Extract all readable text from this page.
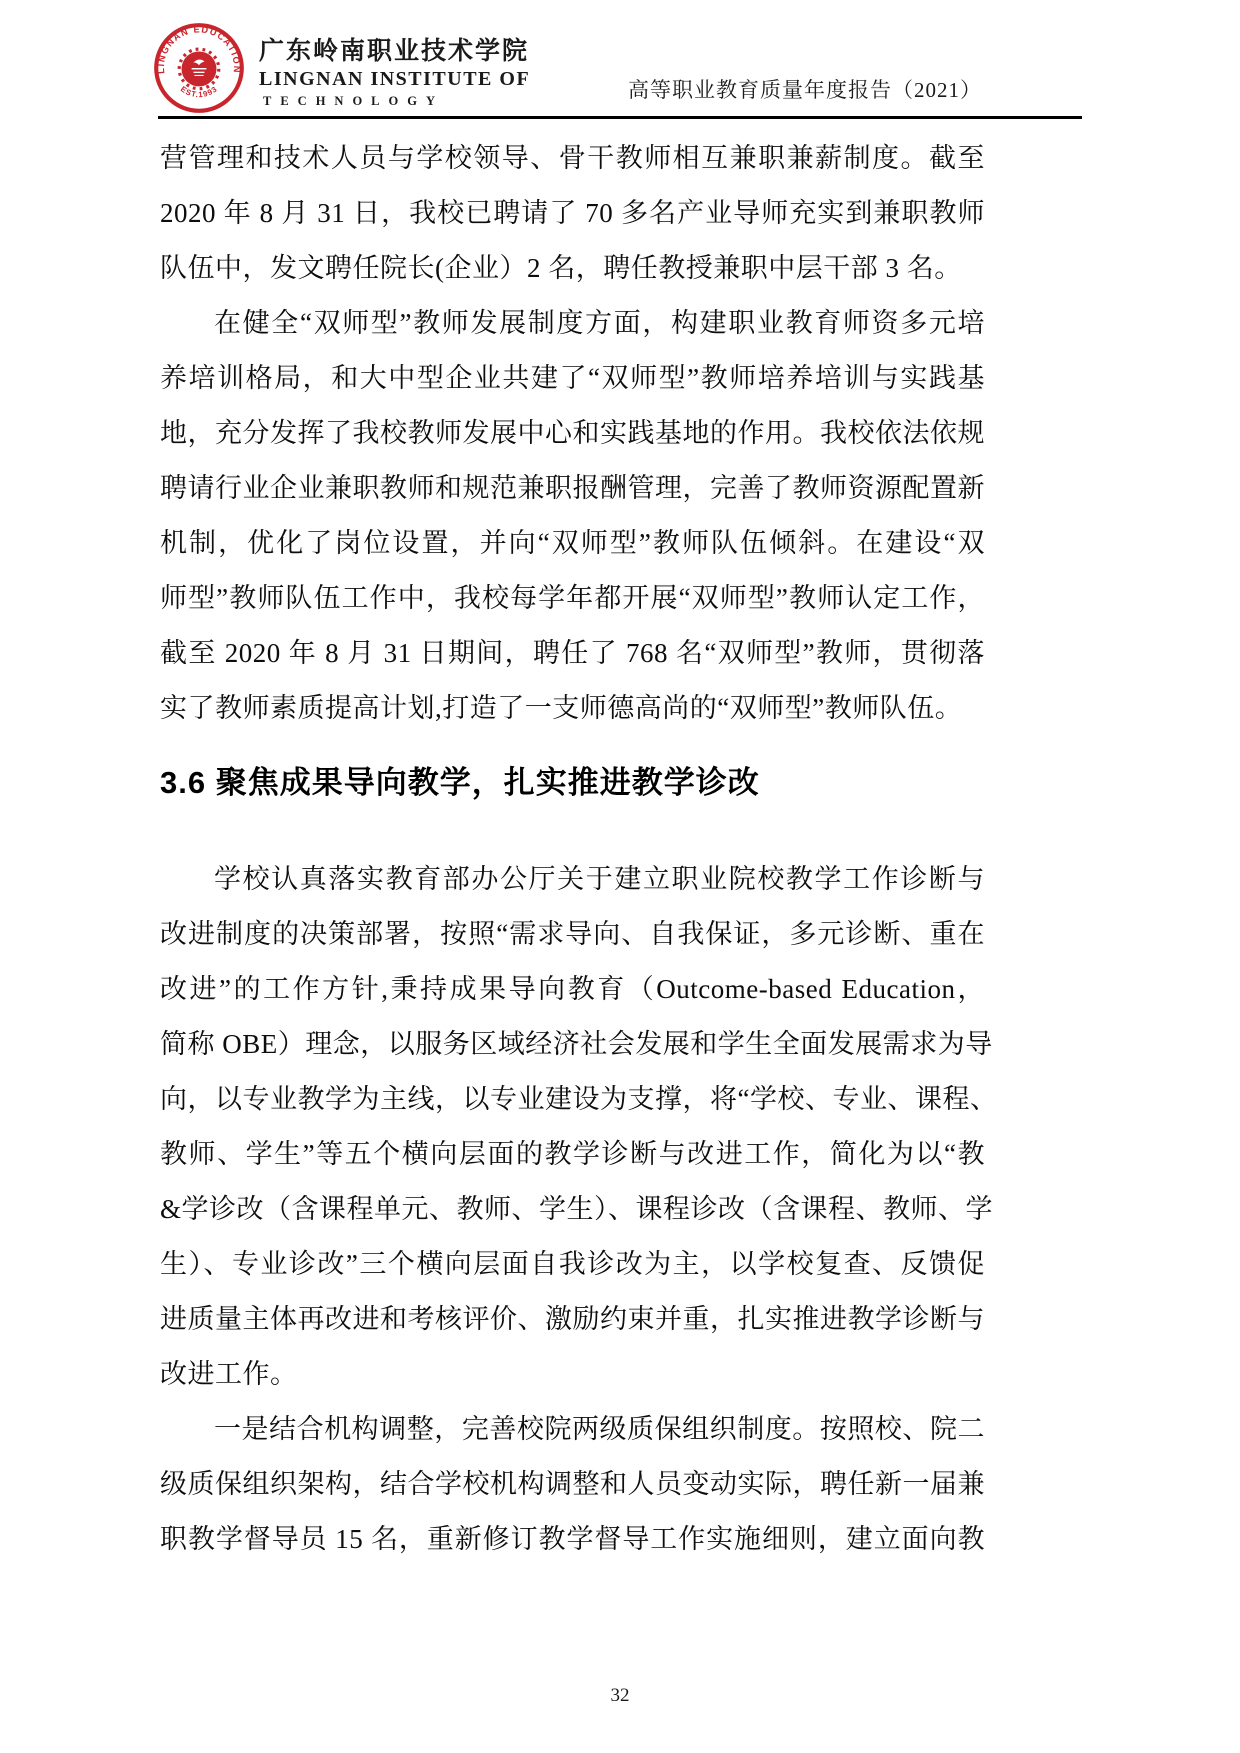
LINGNAN EDUCATION
EST.1993
广东岭南职业技术学院
LINGNAN INSTITUTE OF
TECHNOLOGY	高等职业教育质量年度报告（2021）
营管理和技术人员与学校领导、骨干教师相互兼职兼薪制度。截至
2020 年 8 月 31 日，我校已聘请了 70 多名产业导师充实到兼职教师
队伍中，发文聘任院长(企业）2 名，聘任教授兼职中层干部 3 名。
在健全“双师型”教师发展制度方面，构建职业教育师资多元培
养培训格局，和大中型企业共建了“双师型”教师培养培训与实践基
地，充分发挥了我校教师发展中心和实践基地的作用。我校依法依规
聘请行业企业兼职教师和规范兼职报酬管理，完善了教师资源配置新
机制，优化了岗位设置，并向“双师型”教师队伍倾斜。在建设“双
师型”教师队伍工作中，我校每学年都开展“双师型”教师认定工作，
截至 2020 年 8 月 31 日期间，聘任了 768 名“双师型”教师，贯彻落
实了教师素质提高计划,打造了一支师德高尚的“双师型”教师队伍。
3.6 聚焦成果导向教学，扎实推进教学诊改
学校认真落实教育部办公厅关于建立职业院校教学工作诊断与
改进制度的决策部署，按照“需求导向、自我保证，多元诊断、重在
改进”的工作方针,秉持成果导向教育（Outcome-based Education，
简称 OBE）理念，以服务区域经济社会发展和学生全面发展需求为导
向，以专业教学为主线，以专业建设为支撑，将“学校、专业、课程、
教师、学生”等五个横向层面的教学诊断与改进工作，简化为以“教
&学诊改（含课程单元、教师、学生）、课程诊改（含课程、教师、学
生）、专业诊改”三个横向层面自我诊改为主，以学校复查、反馈促
进质量主体再改进和考核评价、激励约束并重，扎实推进教学诊断与
改进工作。
一是结合机构调整，完善校院两级质保组织制度。按照校、院二
级质保组织架构，结合学校机构调整和人员变动实际，聘任新一届兼
职教学督导员 15 名，重新修订教学督导工作实施细则，建立面向教
32
